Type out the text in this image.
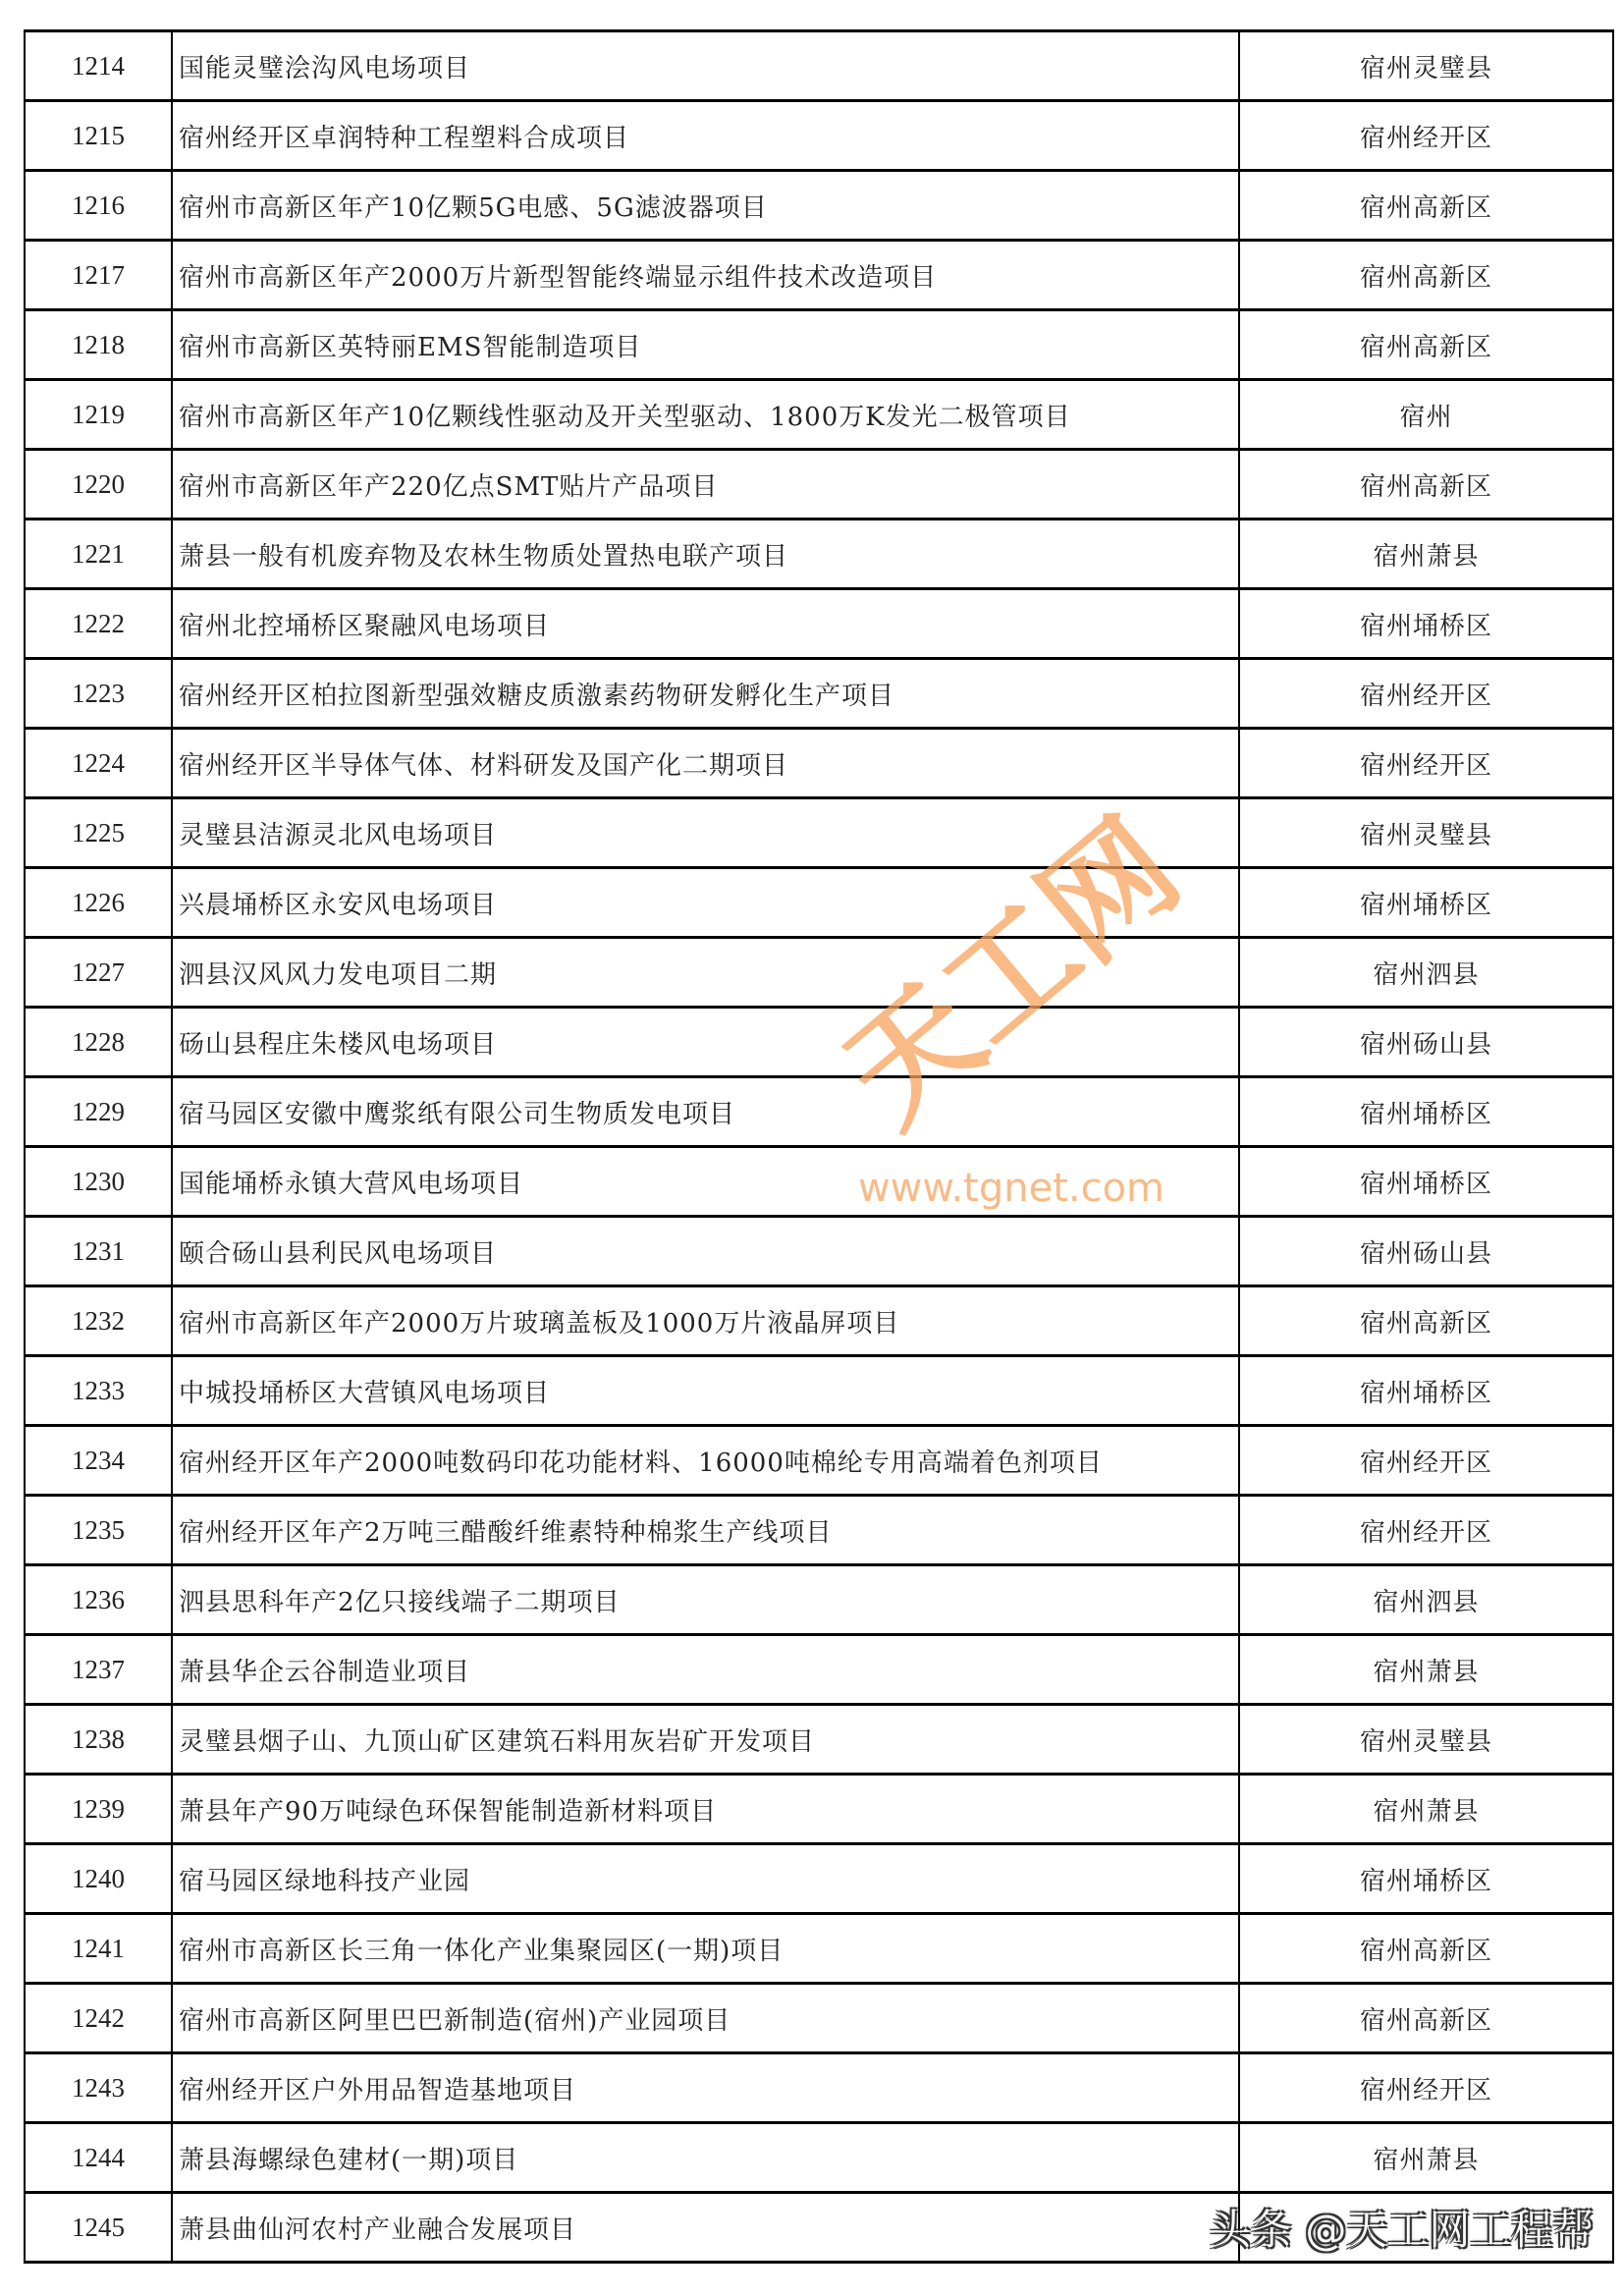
1214	国能灵璧浍沟风电场项目	宿州灵璧县
1215	宿州经开区卓润特种工程塑料合成项目	宿州经开区
1216	宿州市高新区年产10亿颗5G电感、5G滤波器项目	宿州高新区
1217	宿州市高新区年产2000万片新型智能终端显示组件技术改造项目	宿州高新区
1218	宿州市高新区英特丽EMS智能制造项目	宿州高新区
1219	宿州市高新区年产10亿颗线性驱动及开关型驱动、1800万K发光二极管项目	宿州
1220	宿州市高新区年产220亿点SMT贴片产品项目	宿州高新区
1221	萧县一般有机废弃物及农林生物质处置热电联产项目	宿州萧县
1222	宿州北控埇桥区聚融风电场项目	宿州埇桥区
1223	宿州经开区柏拉图新型强效糖皮质激素药物研发孵化生产项目	宿州经开区
1224	宿州经开区半导体气体、材料研发及国产化二期项目	宿州经开区
1225	灵璧县洁源灵北风电场项目	宿州灵璧县
1226	兴晨埇桥区永安风电场项目	宿州埇桥区
1227	泗县汉风风力发电项目二期	宿州泗县
1228	砀山县程庄朱楼风电场项目	宿州砀山县
1229	宿马园区安徽中鹰浆纸有限公司生物质发电项目	宿州埇桥区
1230	国能埇桥永镇大营风电场项目	宿州埇桥区
1231	颐合砀山县利民风电场项目	宿州砀山县
1232	宿州市高新区年产2000万片玻璃盖板及1000万片液晶屏项目	宿州高新区
1233	中城投埇桥区大营镇风电场项目	宿州埇桥区
1234	宿州经开区年产2000吨数码印花功能材料、16000吨棉纶专用高端着色剂项目	宿州经开区
1235	宿州经开区年产2万吨三醋酸纤维素特种棉浆生产线项目	宿州经开区
1236	泗县思科年产2亿只接线端子二期项目	宿州泗县
1237	萧县华企云谷制造业项目	宿州萧县
1238	灵璧县烟子山、九顶山矿区建筑石料用灰岩矿开发项目	宿州灵璧县
1239	萧县年产90万吨绿色环保智能制造新材料项目	宿州萧县
1240	宿马园区绿地科技产业园	宿州埇桥区
1241	宿州市高新区长三角一体化产业集聚园区(一期)项目	宿州高新区
1242	宿州市高新区阿里巴巴新制造(宿州)产业园项目	宿州高新区
1243	宿州经开区户外用品智造基地项目	宿州经开区
1244	萧县海螺绿色建材(一期)项目	宿州萧县
1245	萧县曲仙河农村产业融合发展项目	
天工网
www.tgnet.com
头条 @天工网工程帮
